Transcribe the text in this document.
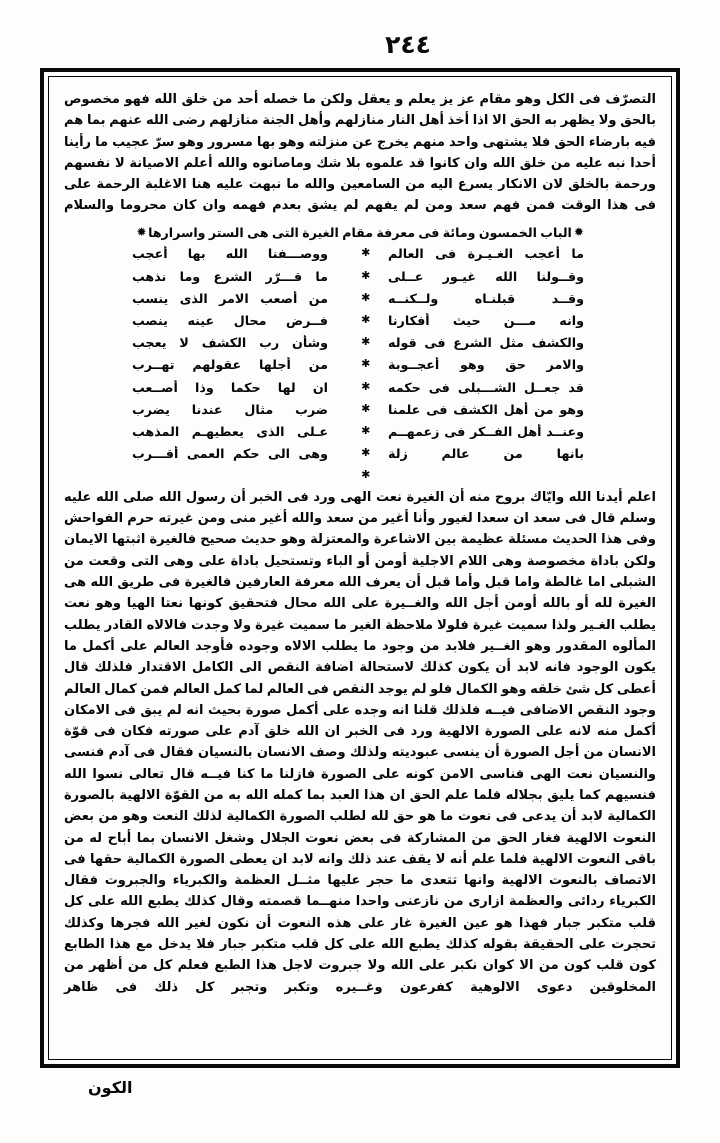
٢٤٤

التصرّف فى الكل وهو مقام عز يز يعلم و يعقل ولكن ما خصله أحد من خلق الله فهو مخصوص بالحق ولا يظهر به الحق الا اذا أخذ أهل النار منازلهم وأهل الجنة منازلهم رضى الله عنهم بما هم فيه بارضاء الحق فلا يشتهى واحد منهم يخرج عن منزلته وهو بها مسرور وهو سرّ عجيب ما رأينا أحدا نبه عليه من خلق الله وان كانوا قد علموه بلا شك وماصانوه والله أعلم الاصيانة لا نفسهم ورحمة بالخلق لان الانكار يسرع اليه من السامعين والله ما نبهت عليه هنا الاغلبة الرحمة على فى هذا الوقت فمن فهم سعد ومن لم يفهم لم يشق بعدم فهمه وان كان محروما والسلام

✹الباب الخمسون ومائة فى معرفة مقام الغيرة التى هى الستر واسرارها✹
ما أعجب الغـيـرة فى العالم
✱
ووصـــفنا الله بها أعجب
وقــولنا الله غيـور عــلى
✱
ما قـــرّر الشرع وما نذهب
وقــد قبلنـاه ولــكنــه
✱
من أصعب الامر الذى ينسب
وانه مـــن حيث أفكارنا
✱
فــرض محال عينه ينصب
والكشف مثل الشرع فى قوله
✱
وشأن رب الكشف لا يعجب
والامر حق وهو أعجــوبة
✱
من أجلها عقولهم تهــرب
قد جعــل الشـــبلى فى حكمه
✱
ان لها حكما وذا أصــعب
وهو من أهل الكشف فى علمنا
✱
ضرب مثال عندنا يضرب
وعنــد أهل الفــكر فى زعمهــم
✱
عـلى الذى يعطيهـم المذهب
بانها من عالم زلة
✱
وهى الى حكم العمى أقـــرب
✱

اعلم أيدنا الله وايّاك بروح منه أن الغيرة نعت الهى ورد فى الخبر أن رسول الله صلى الله عليه وسلم قال فى سعد ان سعدا لغيور وأنا أغير من سعد والله أغير منى ومن غيرته حرم الفواحش وفى هذا الحديث مسئلة عظيمة بين الاشاعرة والمعتزلة وهو حديث صحيح فالغيرة اثبتها الايمان ولكن باداة مخصوصة وهى اللام الاجلية أومن أو الباء وتستحيل باداة على وهى التى وقعت من الشبلى اما غالطة واما قبل وأما قبل أن يعرف الله معرفة العارفين فالغيرة فى طريق الله هى الغيرة لله أو بالله أومن أجل الله والغــيرة على الله محال فتحقيق كونها نعتا الهيا وهو نعت يطلب الغـير ولذا سميت غيرة فلولا ملاحظة الغير ما سميت غيرة ولا وجدت فالالاه القادر يطلب المألوه المقدور وهو الغــير فلابد من وجود ما يطلب الالاه وجوده فأوجد العالم على أكمل ما يكون الوجود فانه لابد أن يكون كذلك لاستحالة اضافة النقص الى الكامل الاقتدار فلذلك قال أعطى كل شئ خلقه وهو الكمال فلو لم يوجد النقص فى العالم لما كمل العالم فمن كمال العالم وجود النقص الاضافى فيــه فلذلك قلنا انه وجده على أكمل صورة بحيث انه لم يبق فى الامكان أكمل منه لانه على الصورة الالهية ورد فى الخبر ان الله خلق آدم على صورته فكان فى قوّة الانسان من أجل الصورة أن ينسى عبوديته ولذلك وصف الانسان بالنسيان فقال فى آدم فنسى والنسيان نعت الهى فناسى الامن كونه على الصورة فازلنا ما كنا فيــه قال تعالى نسوا الله فنسيهم كما يليق بجلاله فلما علم الحق ان هذا العبد بما كمله الله به من القوّة الالهية بالصورة الكمالية لابد أن يدعى فى نعوت ما هو حق لله لطلب الصورة الكمالية لذلك النعت وهو من بعض النعوت الالهية فغار الحق من المشاركة فى بعض نعوت الجلال وشغل الانسان بما أباح له من باقى النعوت الالهية فلما علم أنه لا يقف عند ذلك وانه لابد ان يعطى الصورة الكمالية حقها فى الاتصاف بالنعوت الالهية وانها تتعدى ما حجر عليها مثــل العظمة والكبرياء والجبروت فقال الكبرياء ردائى والعظمة ازارى من نازعنى واحدا منهــما قصمته وقال كذلك يطبع الله على كل قلب متكبر جبار فهذا هو عين الغيرة غار على هذه النعوت أن نكون لغير الله فجرها وكذلك تحجرت على الحقيقة بقوله كذلك يطبع الله على كل قلب متكبر جبار فلا يدخل مع هذا الطابع كون قلب كون من الا كوان نكبر على الله ولا جبروت لاجل هذا الطبع فعلم كل من أظهر من المخلوقين دعوى الالوهية كفرعون وغــيره وتكبر وتجبر كل ذلك فى ظاهر

الكون
